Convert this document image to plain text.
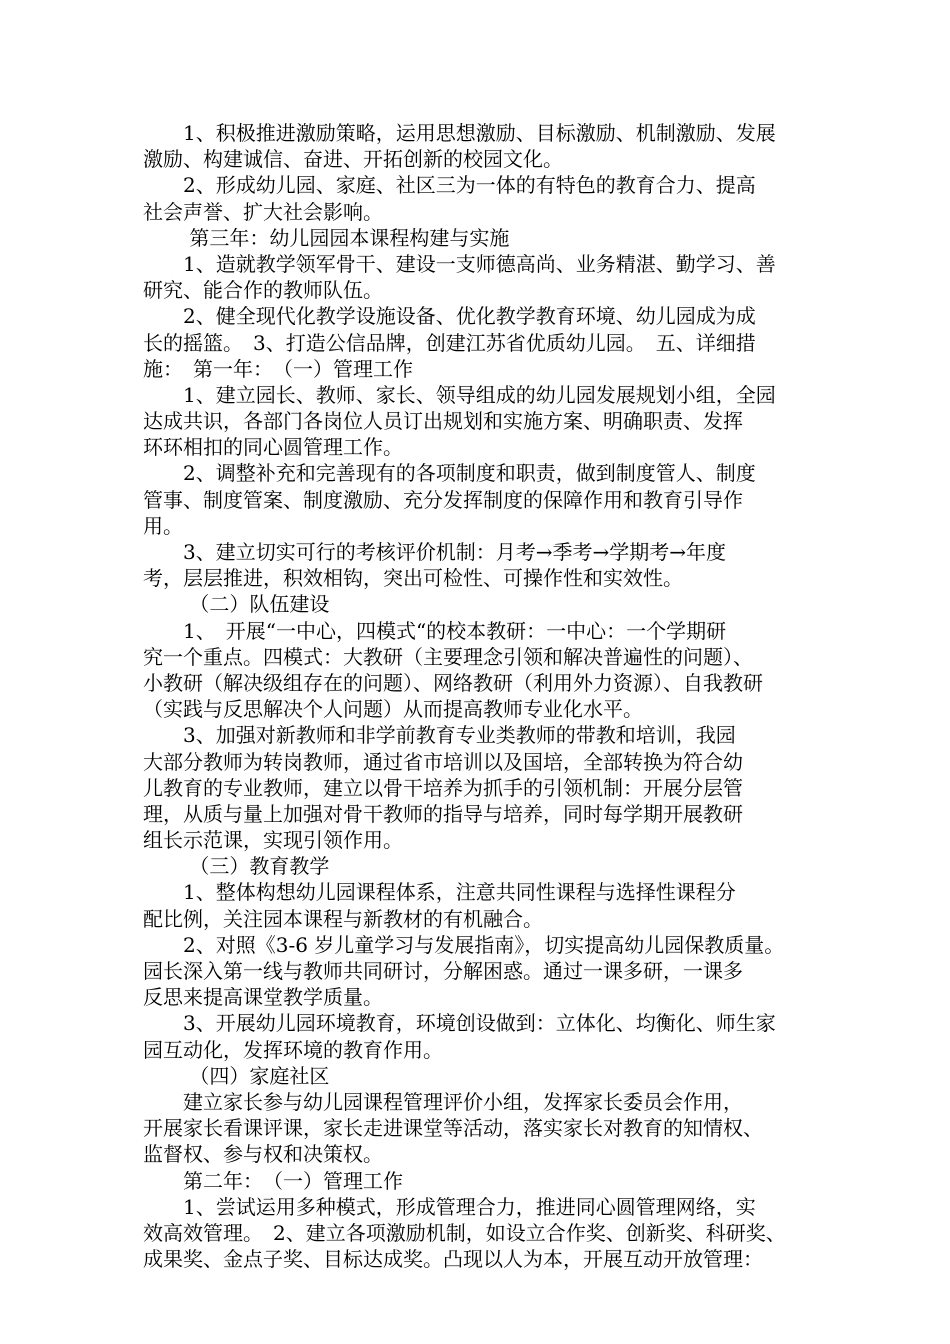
　　1、积极推进激励策略，运用思想激励、目标激励、机制激励、发展
激励、构建诚信、奋进、开拓创新的校园文化。
　　2、形成幼儿园、家庭、社区三为一体的有特色的教育合力、提高
社会声誉、扩大社会影响。
　　 第三年：幼儿园园本课程构建与实施
　　1、造就教学领军骨干、建设一支师德高尚、业务精湛、勤学习、善
研究、能合作的教师队伍。
　　2、健全现代化教学设施设备、优化教学教育环境、幼儿园成为成
长的摇篮。　3、打造公信品牌，创建江苏省优质幼儿园。　五、详细措
施：　第一年：　（一）管理工作
　　1、建立园长、教师、家长、领导组成的幼儿园发展规划小组，全园
达成共识，各部门各岗位人员订出规划和实施方案、明确职责、发挥
环环相扣的同心圆管理工作。
　　2、调整补充和完善现有的各项制度和职责，做到制度管人、制度
管事、制度管案、制度激励、充分发挥制度的保障作用和教育引导作
用。
　　3、建立切实可行的考核评价机制：月考→季考→学期考→年度
考，层层推进，积效相钩，突出可检性、可操作性和实效性。
　　 （二）队伍建设
　　1、　开展“一中心，四模式“的校本教研：一中心：一个学期研
究一个重点。四模式：大教研（主要理念引领和解决普遍性的问题）、
小教研（解决级组存在的问题）、网络教研（利用外力资源）、自我教研
（实践与反思解决个人问题）从而提高教师专业化水平。
　　3、加强对新教师和非学前教育专业类教师的带教和培训，我园
大部分教师为转岗教师，通过省市培训以及国培，全部转换为符合幼
儿教育的专业教师，建立以骨干培养为抓手的引领机制：开展分层管
理，从质与量上加强对骨干教师的指导与培养，同时每学期开展教研
组长示范课，实现引领作用。
　　 （三）教育教学
　　1、整体构想幼儿园课程体系，注意共同性课程与选择性课程分
配比例，关注园本课程与新教材的有机融合。
　　2、对照《3-6 岁儿童学习与发展指南》，切实提高幼儿园保教质量。
园长深入第一线与教师共同研讨，分解困惑。通过一课多研，一课多
反思来提高课堂教学质量。
　　3、开展幼儿园环境教育，环境创设做到：立体化、均衡化、师生家
园互动化，发挥环境的教育作用。
　　 （四）家庭社区
　　建立家长参与幼儿园课程管理评价小组，发挥家长委员会作用，
开展家长看课评课，家长走进课堂等活动，落实家长对教育的知情权、
监督权、参与权和决策权。
　　第二年：　（一）管理工作
　　1、尝试运用多种模式，形成管理合力，推进同心圆管理网络，实
效高效管理。　2、建立各项激励机制，如设立合作奖、创新奖、科研奖、
成果奖、金点子奖、目标达成奖。凸现以人为本，开展互动开放管理：
